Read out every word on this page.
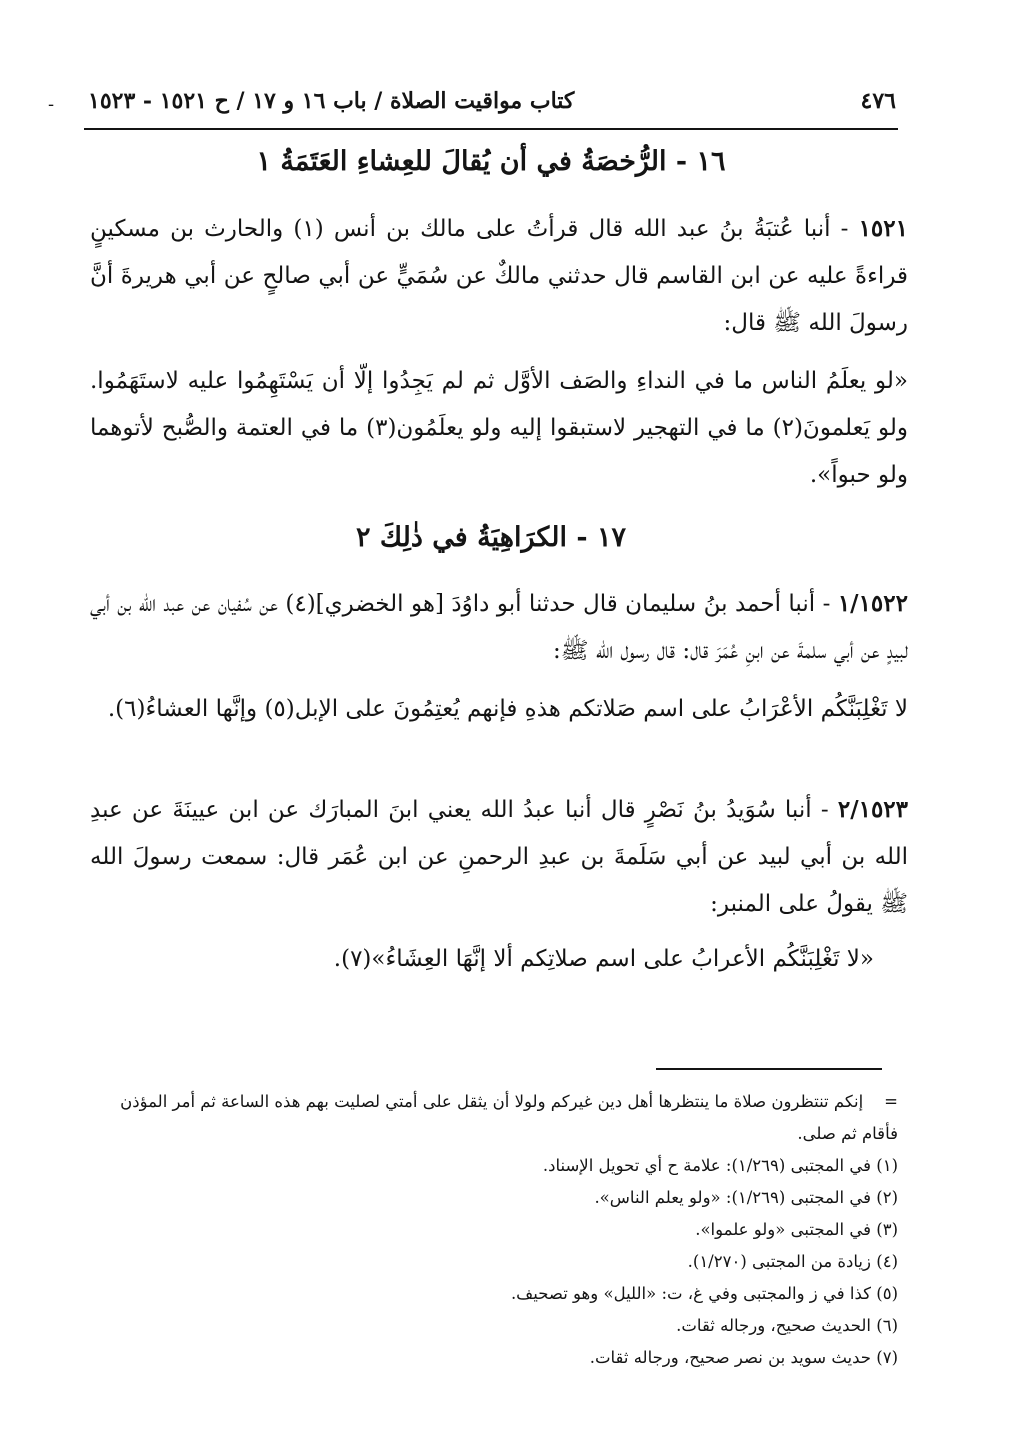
٤٧٦
كتاب مواقيت الصلاة / باب ١٦ و ١٧ / ح ١٥٢١ - ١٥٢٣
-
١٦ - الرُّخصَةُ في أن يُقالَ للعِشاءِ العَتَمَةُ ١
١٥٢١ - أنبا عُتبَةُ بنُ عبد الله قال قرأتُ على مالك بن أنس (١) والحارث بن مسكينٍ قراءةً عليه عن ابن القاسم قال حدثني مالكٌ عن سُمَيٍّ عن أبي صالحٍ عن أبي هريرةَ أنَّ رسولَ الله ﷺ قال:
«لو يعلَمُ الناس ما في النداءِ والصَف الأوَّل ثم لم يَجِدُوا إلّا أن يَسْتَهِمُوا عليه لاستَهَمُوا. ولو يَعلمونَ(٢) ما في التهجير لاستبقوا إليه ولو يعلَمُون(٣) ما في العتمة والصُّبح لأتوهما ولو حبواً».
١٧ - الكرَاهِيَةُ في ذٰلِكَ ٢
١/١٥٢٢ - أنبا أحمد بنُ سليمان قال حدثنا أبو داوُدَ [هو الخضري](٤) عن سُفيان عن عبد الله بن أبي لبيدٍ عن أبي سلمةَ عن ابنِ عُمَرَ قال: قال رسول الله ﷺ:
لا تَغْلِبَنَّكُم الأعْرَابُ على اسم صَلاتكم هذهِ فإنهم يُعتِمُونَ على الإبل(٥) وإنَّها العشاءُ(٦).
٢/١٥٢٣ - أنبا سُوَيدُ بنُ نَصْرٍ قال أنبا عبدُ الله يعني ابنَ المبارَك عن ابن عيينَةَ عن عبدِ الله بن أبي لبيد عن أبي سَلَمةَ بن عبدِ الرحمنِ عن ابن عُمَر قال: سمعت رسولَ الله ﷺ يقولُ على المنبر:
«لا تَغْلِبَنَّكُم الأعرابُ على اسم صلاتِكم ألا إنَّهَا العِشَاءُ»(٧).
=    إنكم تنتظرون صلاة ما ينتظرها أهل دين غيركم ولولا أن يثقل على أمتي لصليت بهم هذه الساعة ثم أمر المؤذن فأقام ثم صلى.
(١) في المجتبى (١/٢٦٩): علامة ح أي تحويل الإسناد.
(٢) في المجتبى (١/٢٦٩): «ولو يعلم الناس».
(٣) في المجتبى «ولو علموا».
(٤) زيادة من المجتبى (١/٢٧٠).
(٥) كذا في ز والمجتبى وفي غ، ت: «الليل» وهو تصحيف.
(٦) الحديث صحيح، ورجاله ثقات.
(٧) حديث سويد بن نصر صحيح، ورجاله ثقات.
